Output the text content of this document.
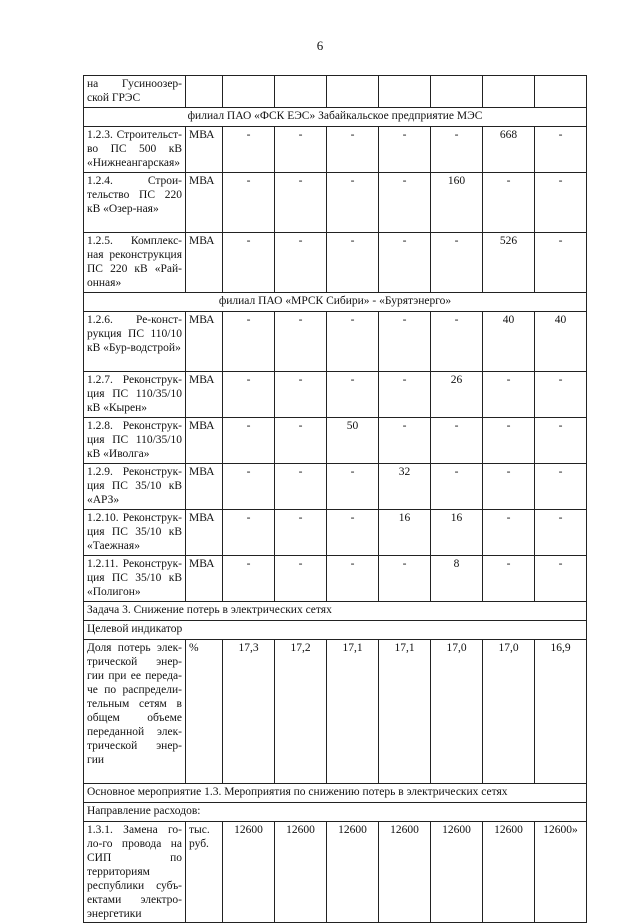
6
на Гусиноозер-ской ГРЭС								
филиал ПАО «ФСК ЕЭС» Забайкальское предприятие МЭС								
1.2.3. Строительст-во ПС 500 кВ «Нижнеангарская»	МВА	-	-	-	-	-	668	-
1.2.4. Строи-тельство ПС 220 кВ «Озер-ная»	МВА	-	-	-	-	160	-	-
1.2.5. Комплекс-ная реконструкция ПС 220 кВ «Рай-онная»	МВА	-	-	-	-	-	526	-
филиал ПАО «МРСК Сибири» - «Бурятэнерго»								
1.2.6. Ре-конст-рукция ПС 110/10 кВ «Бур-водстрой»	МВА	-	-	-	-	-	40	40
1.2.7. Реконструк-ция ПС 110/35/10 кВ «Кырен»	МВА	-	-	-	-	26	-	-
1.2.8. Реконструк-ция ПС 110/35/10 кВ «Иволга»	МВА	-	-	50	-	-	-	-
1.2.9. Реконструк-ция ПС 35/10 кВ «АРЗ»	МВА	-	-	-	32	-	-	-
1.2.10. Реконструк-ция ПС 35/10 кВ «Таежная»	МВА	-	-	-	16	16	-	-
1.2.11. Реконструк-ция ПС 35/10 кВ «Полигон»	МВА	-	-	-	-	8	-	-
Задача 3. Снижение потерь в электрических сетях								
Целевой индикатор								
Доля потерь элек-трической энер-гии при ее переда-че по распредели-тельным сетям в общем объеме переданной элек-трической энер-гии	%	17,3	17,2	17,1	17,1	17,0	17,0	16,9
Основное мероприятие 1.3. Мероприятия по снижению потерь в электрических сетях								
Направление расходов:								
1.3.1. Замена го-ло-го провода на СИП по территориям республики субъ-ектами электро-энергетики	тыс. руб.	12600	12600	12600	12600	12600	12600	12600»
